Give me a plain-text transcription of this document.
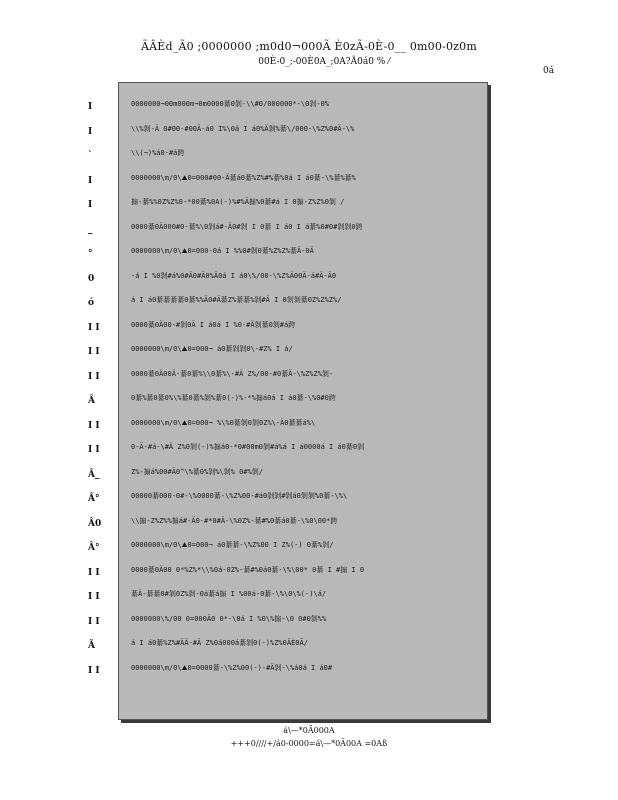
ÃÂÈd_Ã0 ;0000000 ;m0d0¬000Ã È0zÃ-0È-0__ 0m00-0z0m
00È-0_;-00È0A_;0A?Ã0á0 % ⁄
0á
I
I
`
I
I
_
°
0
ó
I I
I I
I I
Â
I I
I I
Â_
Â°
Â0
Â°
I I
I I
I I
Ã
I I
0000000¬00m000m¬0m0000綦0剝-\\#0/000000*-\0剝-0%
\\%剝-Ä 0#00-#00Ä-á0 I%\0á I á0%Ä剝%綦\/000-\%Z%0#Ä-\%
\\(¬)%á0-#á跨
0000000\m/0\⛰0=000#00-Ä綦á0綦%Z%#%綦%0á I á0綦-\%綦%綦%
搧-綦%%0Z%Z%0-*00綦%0A(-)%#%Ä搧%0綦#á I 0搧-Z%Z%0剝 /
0000綦0Ä000#0-綦%\0剝á#-Ä0#剝 I 0綦 I á0 I á綦%0#0#剝剝0跨
0000000\m/0\⛰0=000-0á I %%0#剝0綦%Z%Z%綦Ä-0Ä
-á I %0剝#á%0#Ä0#Ä0%Ä0á I á0\%/00-\%Z%Ä00Ä-á#Ä-Ä0
á I á0綦綦綦綦0綦%%Ä0#Ä綦Z%綦綦%剝#Ä I 0剝剝綦0Z%Z%Z%/
0000綦0Ä00-#剝0Ä I á0á I %0-#Ä剝綦0剝#á跨
0000000\m/0\⛰0=000¬ á0綦剝剝0\-#Z% I á/
0000綦0Ä00Ä-綦0綦%\\0綦%\-#Ä Z%/00-#0綦Ä-\%Z%Z%剝-
0綦%綦0綦0%\%綦0綦%剝%綦0(-)%-*%搧á0á I á0綦-\%0#0跨
0000000\m/0\⛰0=000¬ %\%0綦剝0剝0Z%\-Ä0綦綦á%\
0-Ä-#á-\#Ä Z%0剝(-)%搧á0-*0#00m0剝#á%á I á0000á I á0綦0剝
Z%-搧á%00#Ä0^\%綦0%剝%\剝% 0#%剝/
00000綦000-0#-\%0000綦-\%Z%00-#á0剝剝#剝á0剝剝%0綦-\%\
\\搧-Z%Z%%搧á#-Ä0-#*0#Ä-\%0Z%-綦#%0綦á0綦-\%0\00*跨
0000000\m/0\⛰0=000¬ á0綦綦-\%Z%00 I Z%(-) 0綦%剝/
0000綦0Ä00 0*%Z%*\\%0á-0Z%-綦#%0á0綦-\%\00* 0綦 I #搧 I 0
綦Ä-綦綦0#剝0Z%剝-0á綦á搧 I %00á-0綦-\%\0\%(-)\á/
0000000\%/00 0=000Ä0 0*-\0á I %0\%搧-\0 0#0剝%%
á I á0綦%Z%#ÄÄ-#Ä Z%0á000á綦剝0(-)%Z%0ÂÈ0Ã/
0000000\m/0\⛰0=0000綦-\%Z%00(-)-#Ä剝-\%á0á I á0#
á\—*0Ã000A
+++0////+/á0-0000=á\—*0Ã00A =0Aß
